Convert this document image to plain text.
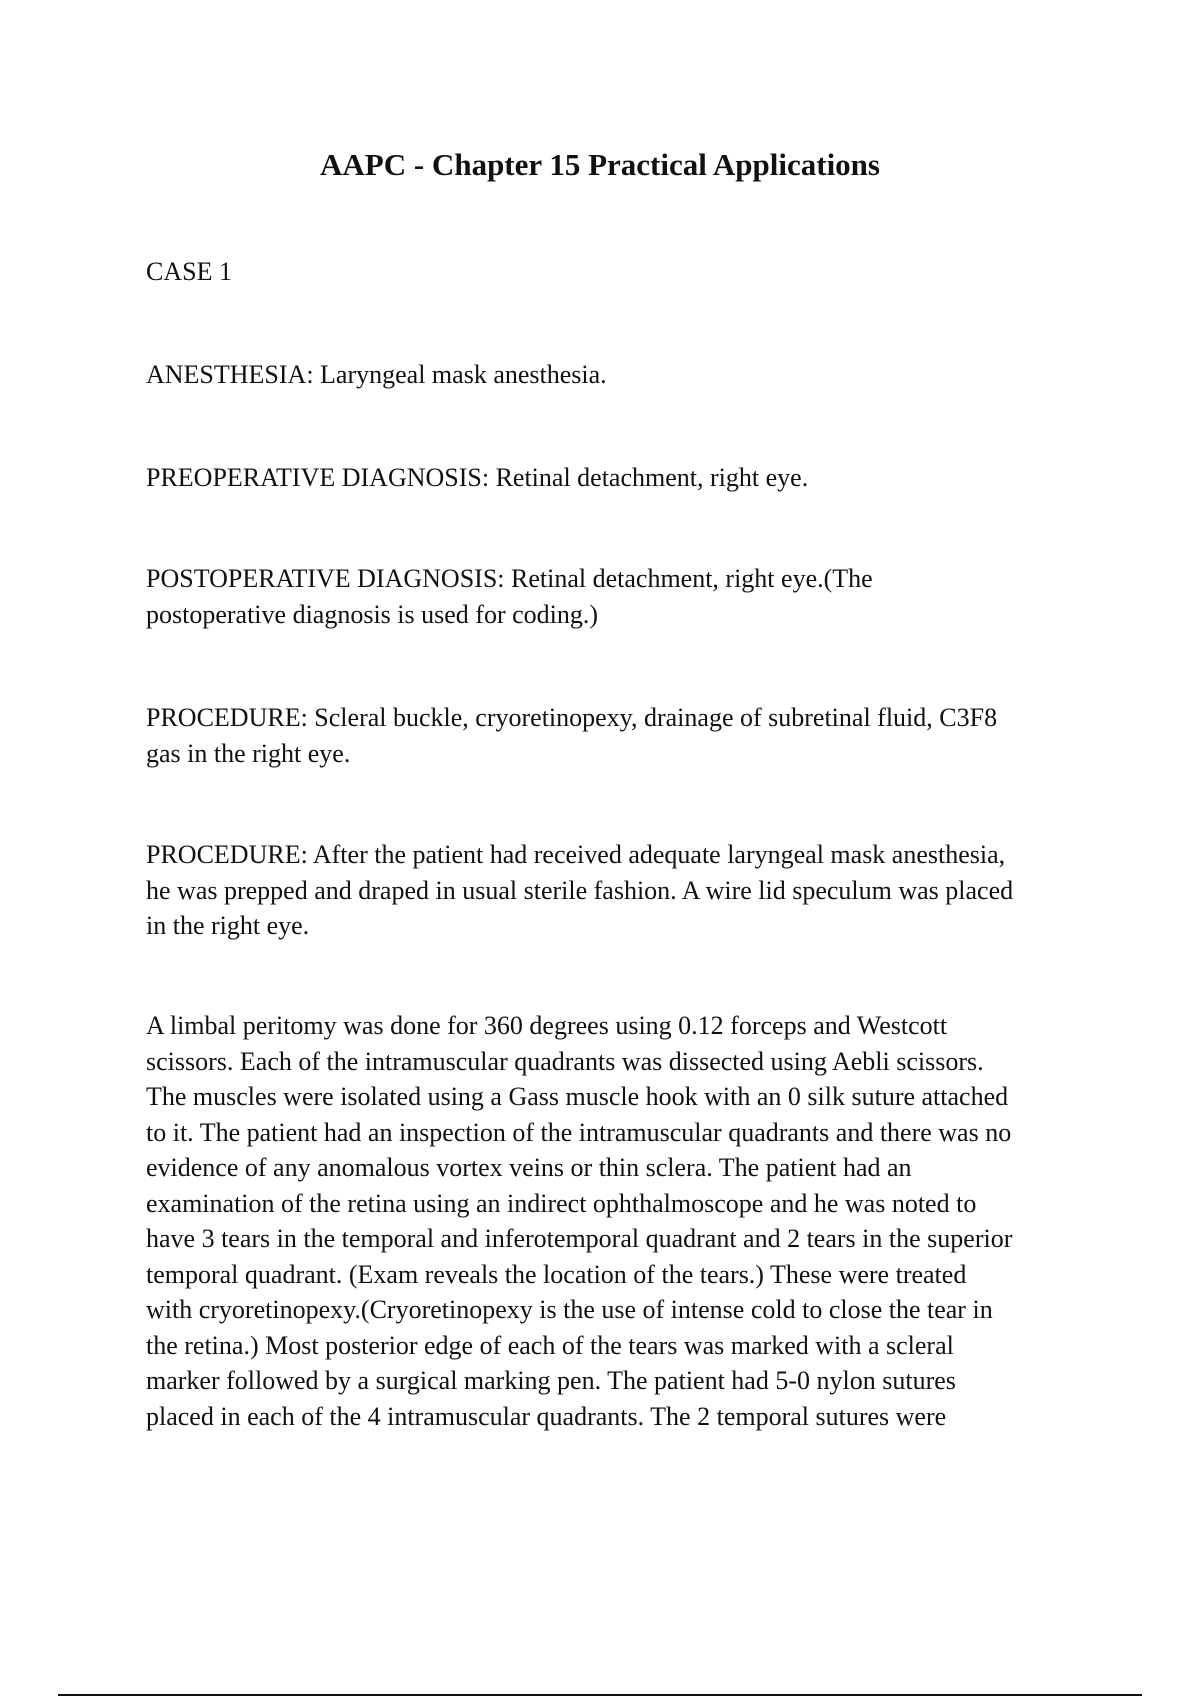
AAPC - Chapter 15 Practical Applications
CASE 1
ANESTHESIA: Laryngeal mask anesthesia.
PREOPERATIVE DIAGNOSIS: Retinal detachment, right eye.
POSTOPERATIVE DIAGNOSIS: Retinal detachment, right eye.(The
postoperative diagnosis is used for coding.)
PROCEDURE: Scleral buckle, cryoretinopexy, drainage of subretinal fluid, C3F8
gas in the right eye.
PROCEDURE: After the patient had received adequate laryngeal mask anesthesia,
he was prepped and draped in usual sterile fashion. A wire lid speculum was placed
in the right eye.
A limbal peritomy was done for 360 degrees using 0.12 forceps and Westcott
scissors. Each of the intramuscular quadrants was dissected using Aebli scissors.
The muscles were isolated using a Gass muscle hook with an 0 silk suture attached
to it. The patient had an inspection of the intramuscular quadrants and there was no
evidence of any anomalous vortex veins or thin sclera. The patient had an
examination of the retina using an indirect ophthalmoscope and he was noted to
have 3 tears in the temporal and inferotemporal quadrant and 2 tears in the superior
temporal quadrant. (Exam reveals the location of the tears.) These were treated
with cryoretinopexy.(Cryoretinopexy is the use of intense cold to close the tear in
the retina.) Most posterior edge of each of the tears was marked with a scleral
marker followed by a surgical marking pen. The patient had 5-0 nylon sutures
placed in each of the 4 intramuscular quadrants. The 2 temporal sutures were
